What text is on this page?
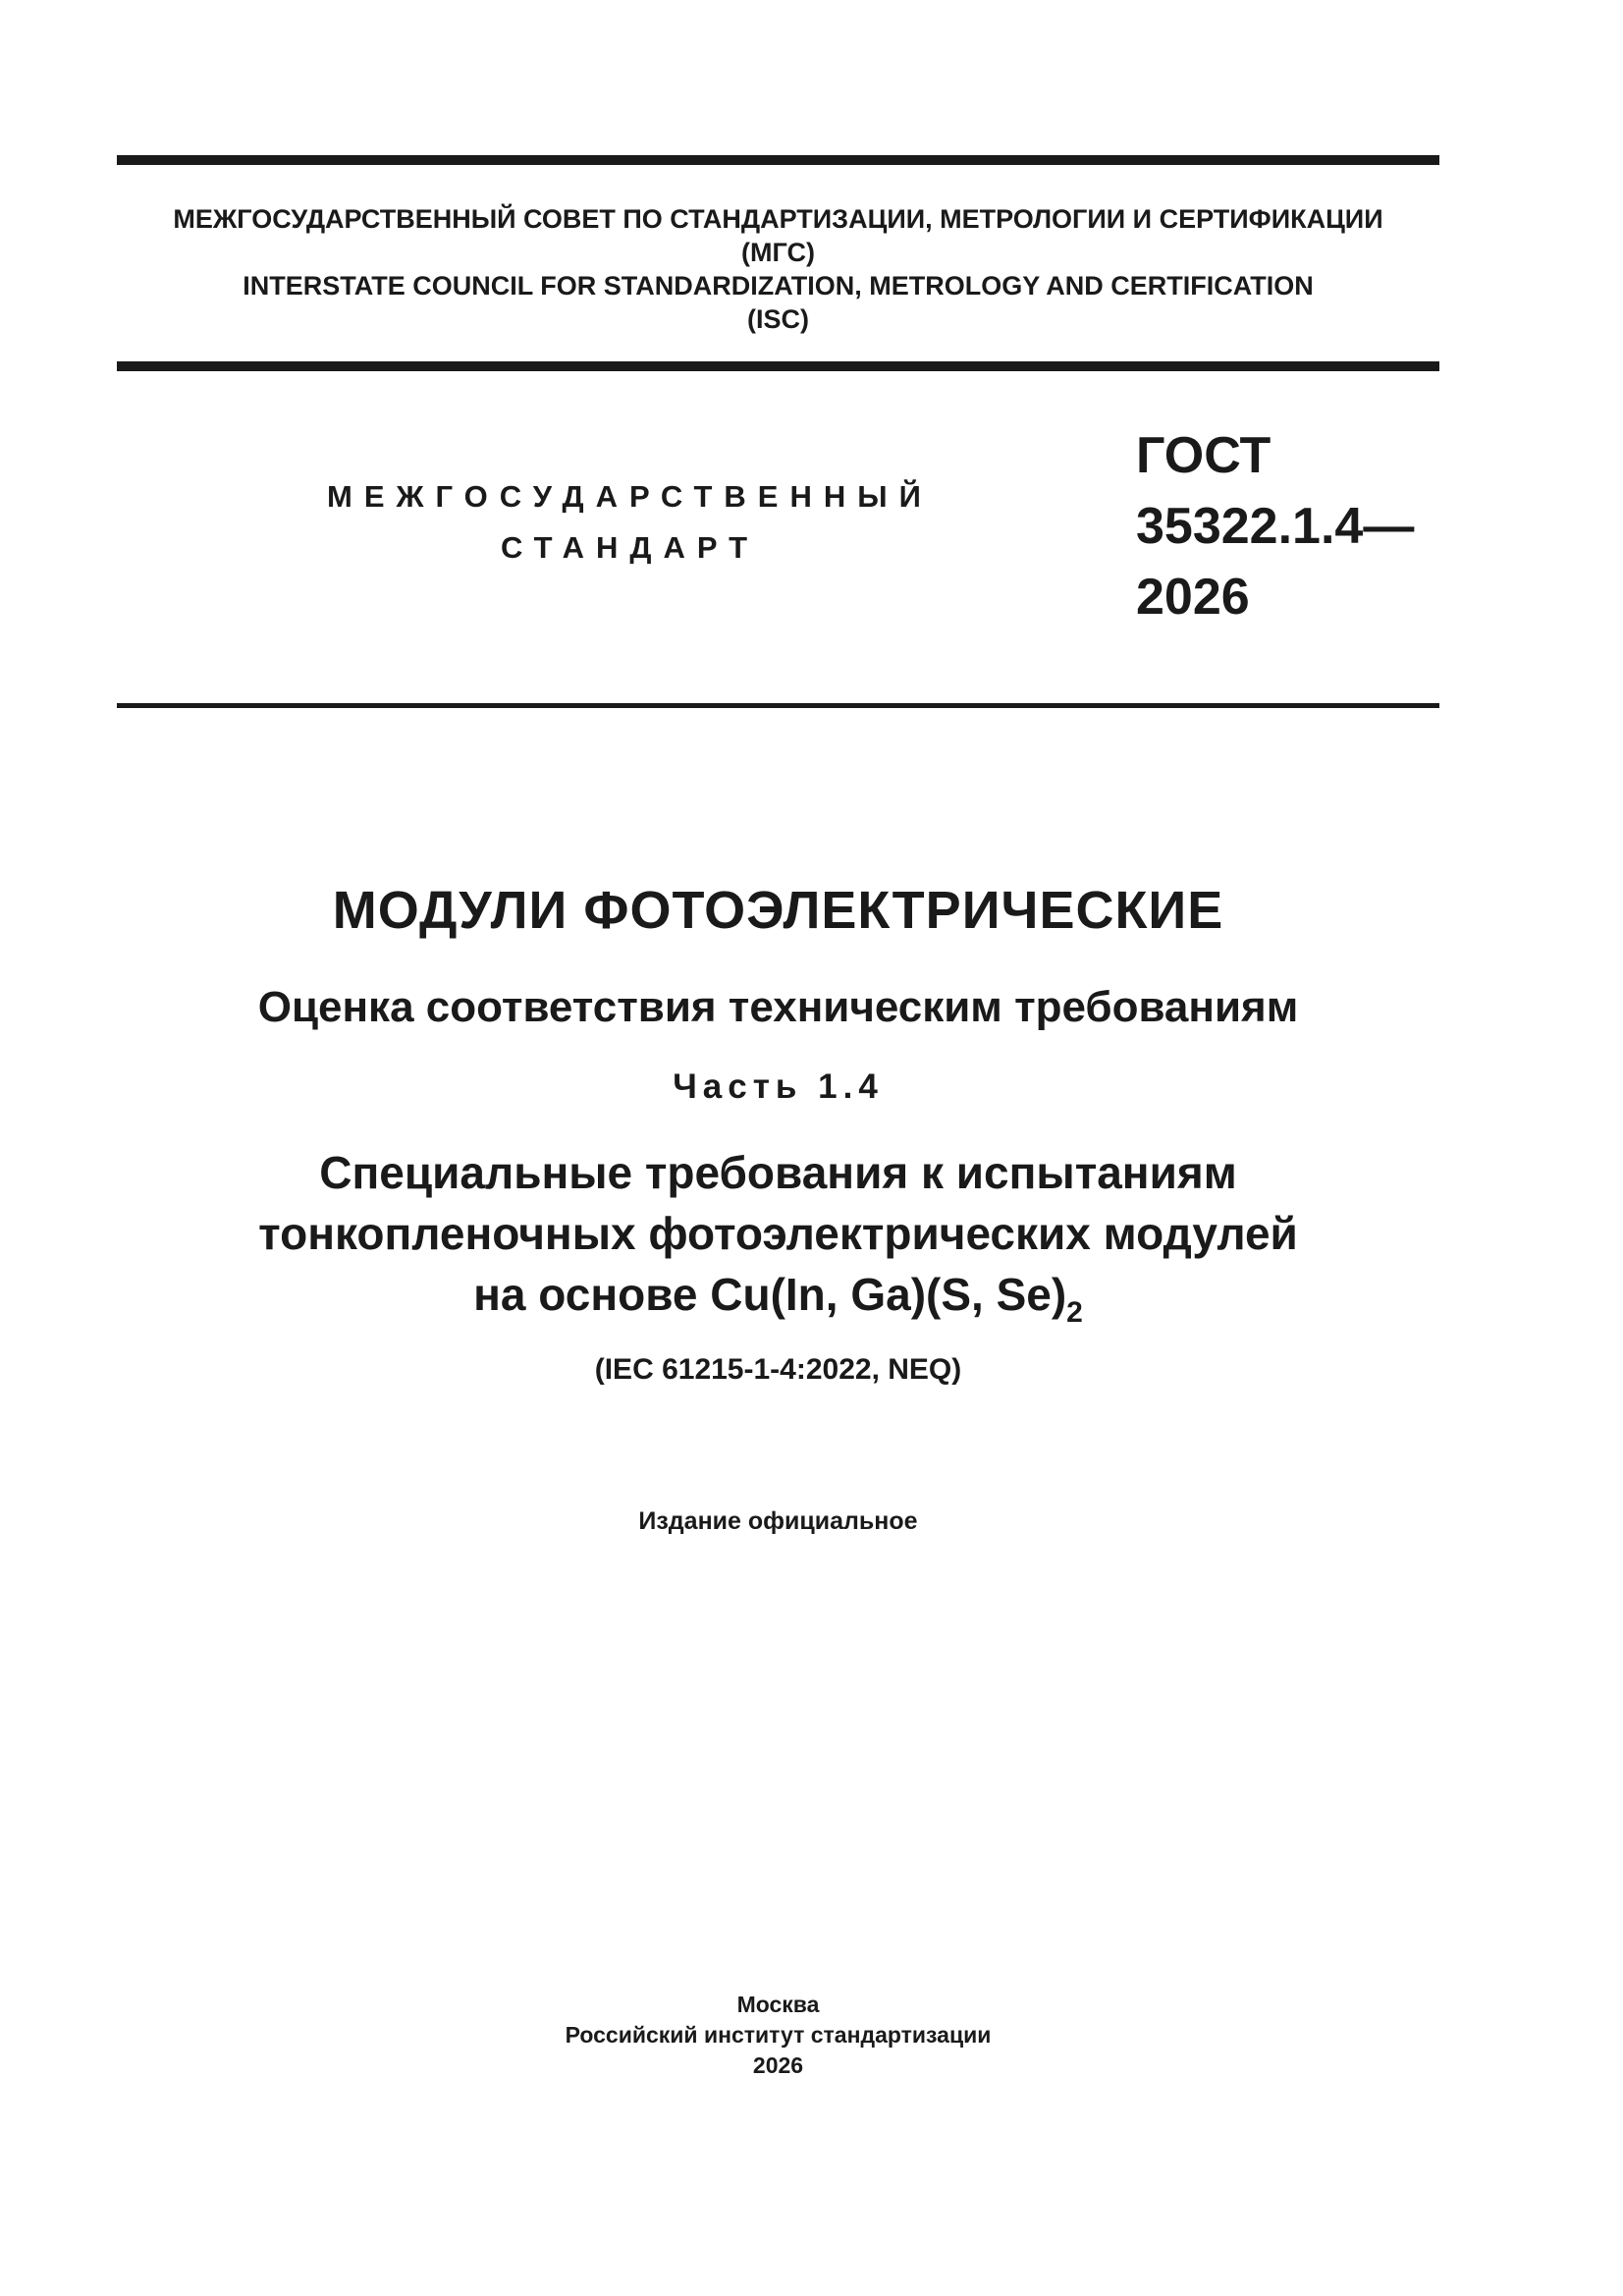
МЕЖГОСУДАРСТВЕННЫЙ СОВЕТ ПО СТАНДАРТИЗАЦИИ, МЕТРОЛОГИИ И СЕРТИФИКАЦИИ
(МГС)
INTERSTATE COUNCIL FOR STANDARDIZATION, METROLOGY AND CERTIFICATION
(ISC)
МЕЖГОСУДАРСТВЕННЫЙ
СТАНДАРТ
ГОСТ
35322.1.4—
2026
МОДУЛИ ФОТОЭЛЕКТРИЧЕСКИЕ
Оценка соответствия техническим требованиям
Часть 1.4
Специальные требования к испытаниям
тонкопленочных фотоэлектрических модулей
на основе Cu(In, Ga)(S, $Se)_2$
(IEC 61215-1-4:2022, NEQ)
Издание официальное
Москва
Российский институт стандартизации
2026
